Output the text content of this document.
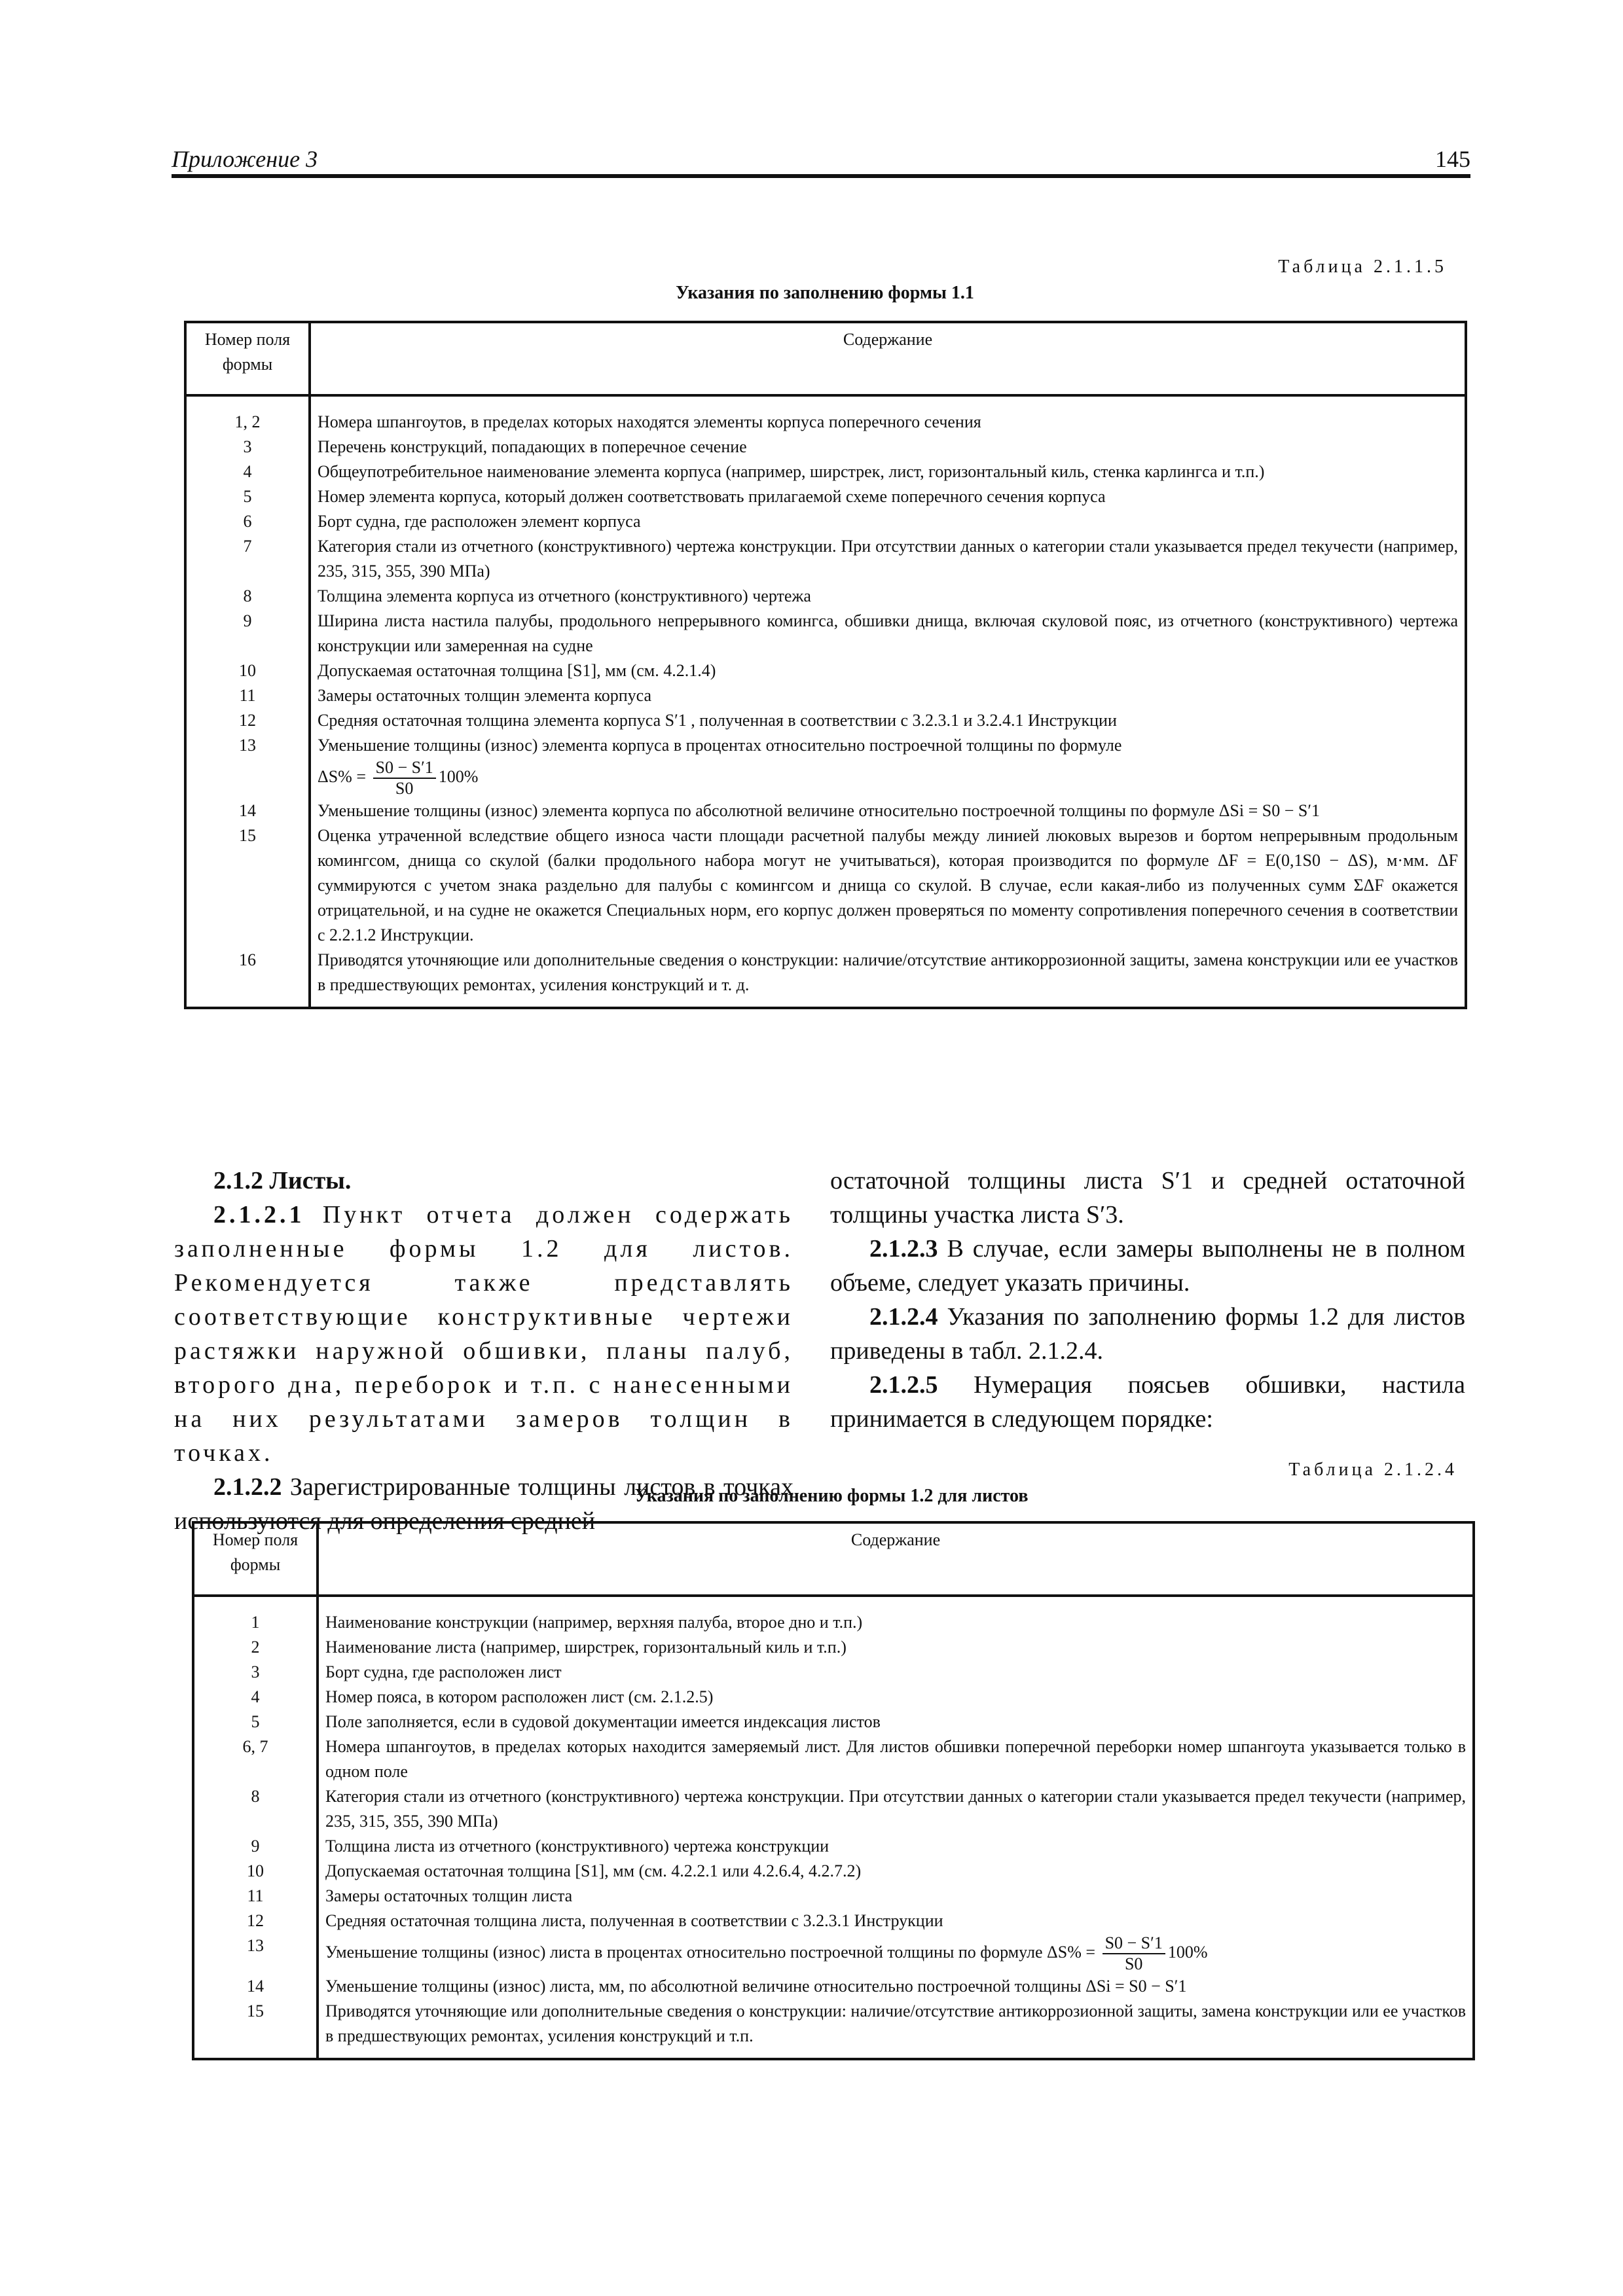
Приложение 3	145
Таблица 2.1.1.5
Указания по заполнению формы 1.1
Номер поля формы	Содержание
1, 2	Номера шпангоутов, в пределах которых находятся элементы корпуса поперечного сечения
3	Перечень конструкций, попадающих в поперечное сечение
4	Общеупотребительное наименование элемента корпуса (например, ширстрек, лист, горизонтальный киль, стенка карлингса и т.п.)
5	Номер элемента корпуса, который должен соответствовать прилагаемой схеме поперечного сечения корпуса
6	Борт судна, где расположен элемент корпуса
7	Категория стали из отчетного (конструктивного) чертежа конструкции. При отсутствии данных о категории стали указывается предел текучести (например, 235, 315, 355, 390 МПа)
8	Толщина элемента корпуса из отчетного (конструктивного) чертежа
9	Ширина листа настила палубы, продольного непрерывного комингса, обшивки днища, включая скуловой пояс, из отчетного (конструктивного) чертежа конструкции или замеренная на судне
10	Допускаемая остаточная толщина [S1], мм (см. 4.2.1.4)
11	Замеры остаточных толщин элемента корпуса
12	Средняя остаточная толщина элемента корпуса S′1 , полученная в соответствии с 3.2.3.1 и 3.2.4.1 Инструкции
13	Уменьшение толщины (износ) элемента корпуса в процентах относительно построечной толщины по формуле
$\Delta S\% = \frac{S0 - S'1}{S0} 100\%$
14	Уменьшение толщины (износ) элемента корпуса по абсолютной величине относительно построечной толщины по формуле ΔSi = S0 − S′1
15	Оценка утраченной вследствие общего износа части площади расчетной палубы между линией люковых вырезов и бортом непрерывным продольным комингсом, днища со скулой (балки продольного набора могут не учитываться), которая производится по формуле ΔF = E(0,1S0 − ΔS), м·мм. ΔF суммируются с учетом знака раздельно для палубы с комингсом и днища со скулой. В случае, если какая-либо из полученных сумм ΣΔF окажется отрицательной, и на судне не окажется Специальных норм, его корпус должен проверяться по моменту сопротивления поперечного сечения в соответствии с 2.2.1.2 Инструкции.
16	Приводятся уточняющие или дополнительные сведения о конструкции: наличие/отсутствие антикоррозионной защиты, замена конструкции или ее участков в предшествующих ремонтах, усиления конструкций и т. д.

2.1.2 Листы.

2.1.2.1 Пункт отчета должен содержать заполненные формы 1.2 для листов. Рекомендуется также представлять соответствующие конструктивные чертежи растяжки наружной обшивки, планы палуб, второго дна, переборок и т.п. с нанесенными на них результатами замеров толщин в точках.

2.1.2.2 Зарегистрированные толщины листов в точках используются для определения средней

остаточной толщины листа S′1 и средней остаточной толщины участка листа S′3.

2.1.2.3 В случае, если замеры выполнены не в полном объеме, следует указать причины.

2.1.2.4 Указания по заполнению формы 1.2 для листов приведены в табл. 2.1.2.4.

2.1.2.5 Нумерация поясьев обшивки, настила принимается в следующем порядке:

Таблица 2.1.2.4
Указания по заполнению формы 1.2 для листов
Номер поля формы	Содержание
1	Наименование конструкции (например, верхняя палуба, второе дно и т.п.)
2	Наименование листа (например, ширстрек, горизонтальный киль и т.п.)
3	Борт судна, где расположен лист
4	Номер пояса, в котором расположен лист (см. 2.1.2.5)
5	Поле заполняется, если в судовой документации имеется индексация листов
6, 7	Номера шпангоутов, в пределах которых находится замеряемый лист. Для листов обшивки поперечной переборки номер шпангоута указывается только в одном поле
8	Категория стали из отчетного (конструктивного) чертежа конструкции. При отсутствии данных о категории стали указывается предел текучести (например, 235, 315, 355, 390 МПа)
9	Толщина листа из отчетного (конструктивного) чертежа конструкции
10	Допускаемая остаточная толщина [S1], мм (см. 4.2.2.1 или 4.2.6.4, 4.2.7.2)
11	Замеры остаточных толщин листа
12	Средняя остаточная толщина листа, полученная в соответствии с 3.2.3.1 Инструкции
13	Уменьшение толщины (износ) листа в процентах относительно построечной толщины по формуле $\Delta S\% = \frac{S0 - S'1}{S0} 100\%$
14	Уменьшение толщины (износ) листа, мм, по абсолютной величине относительно построечной толщины ΔSi = S0 − S′1
15	Приводятся уточняющие или дополнительные сведения о конструкции: наличие/отсутствие антикоррозионной защиты, замена конструкции или ее участков в предшествующих ремонтах, усиления конструкций и т.п.
